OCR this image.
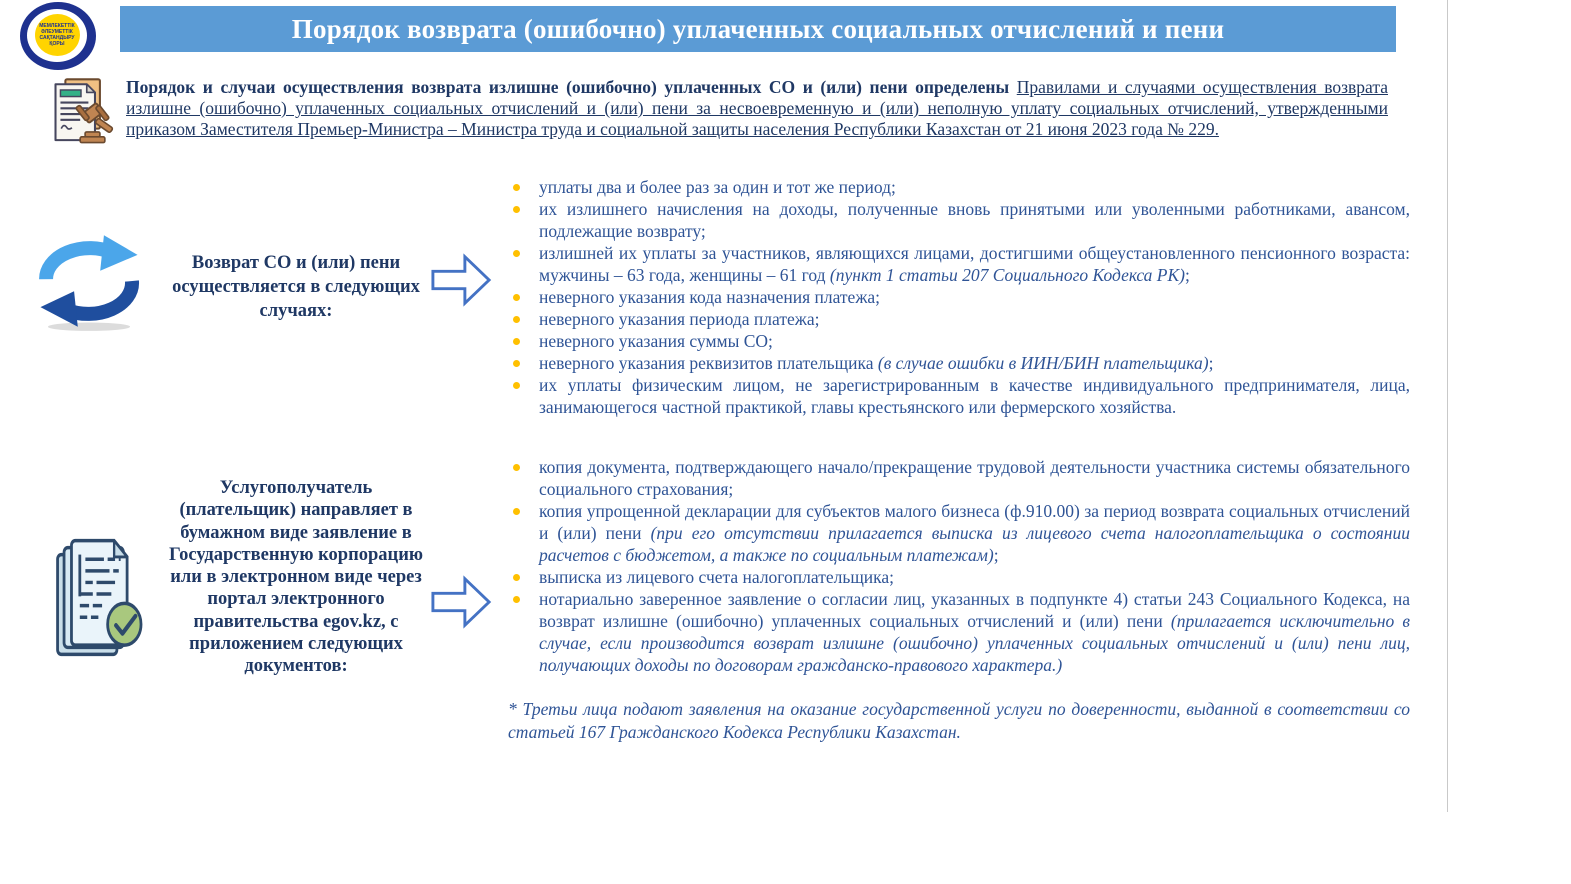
МЕМЛЕКЕТТІК
ӘЛЕУМЕТТІК
САҚТАНДЫРУ
ҚОРЫ
Порядок возврата (ошибочно) уплаченных социальных отчислений и пени
Порядок и случаи осуществления возврата излишне (ошибочно) уплаченных СО и (или) пени определены Правилами и случаями осуществления возврата излишне (ошибочно) уплаченных социальных отчислений и (или) пени за несвоевременную и (или) неполную уплату социальных отчислений, утвержденными приказом Заместителя Премьер-Министра – Министра труда и социальной защиты населения Республики Казахстан от 21 июня 2023 года № 229.
Возврат СО и (или) пени осуществляется в следующих случаях:
уплаты два и более раз за один и тот же период;
их излишнего начисления на доходы, полученные вновь принятыми или уволенными работниками, авансом, подлежащие возврату;
излишней их уплаты за участников, являющихся лицами, достигшими общеустановленного пенсионного возраста: мужчины – 63 года, женщины – 61 год (пункт 1 статьи 207 Социального Кодекса РК);
неверного указания кода назначения платежа;
неверного указания периода платежа;
неверного указания суммы СО;
неверного указания реквизитов плательщика (в случае ошибки в ИИН/БИН плательщика);
их уплаты физическим лицом, не зарегистрированным в качестве индивидуального предпринимателя, лица, занимающегося частной практикой, главы крестьянского или фермерского хозяйства.
Услугополучатель (плательщик) направляет в бумажном виде заявление в Государственную корпорацию или в электронном виде через портал электронного правительства egov.kz, с приложением следующих документов:
копия документа, подтверждающего начало/прекращение трудовой деятельности участника системы обязательного социального страхования;
копия упрощенной декларации для субъектов малого бизнеса (ф.910.00) за период возврата социальных отчислений и (или) пени (при его отсутствии прилагается выписка из лицевого счета налогоплательщика о состоянии расчетов с бюджетом, а также по социальным платежам);
выписка из лицевого счета налогоплательщика;
нотариально заверенное заявление о согласии лиц, указанных в подпункте 4) статьи 243 Социального Кодекса, на возврат излишне (ошибочно) уплаченных социальных отчислений и (или) пени (прилагается исключительно в случае, если производится возврат излишне (ошибочно) уплаченных социальных отчислений и (или) пени лиц, получающих доходы по договорам гражданско-правового характера.)
* Третьи лица подают заявления на оказание государственной услуги по доверенности, выданной в соответствии со статьей 167 Гражданского Кодекса Республики Казахстан.
